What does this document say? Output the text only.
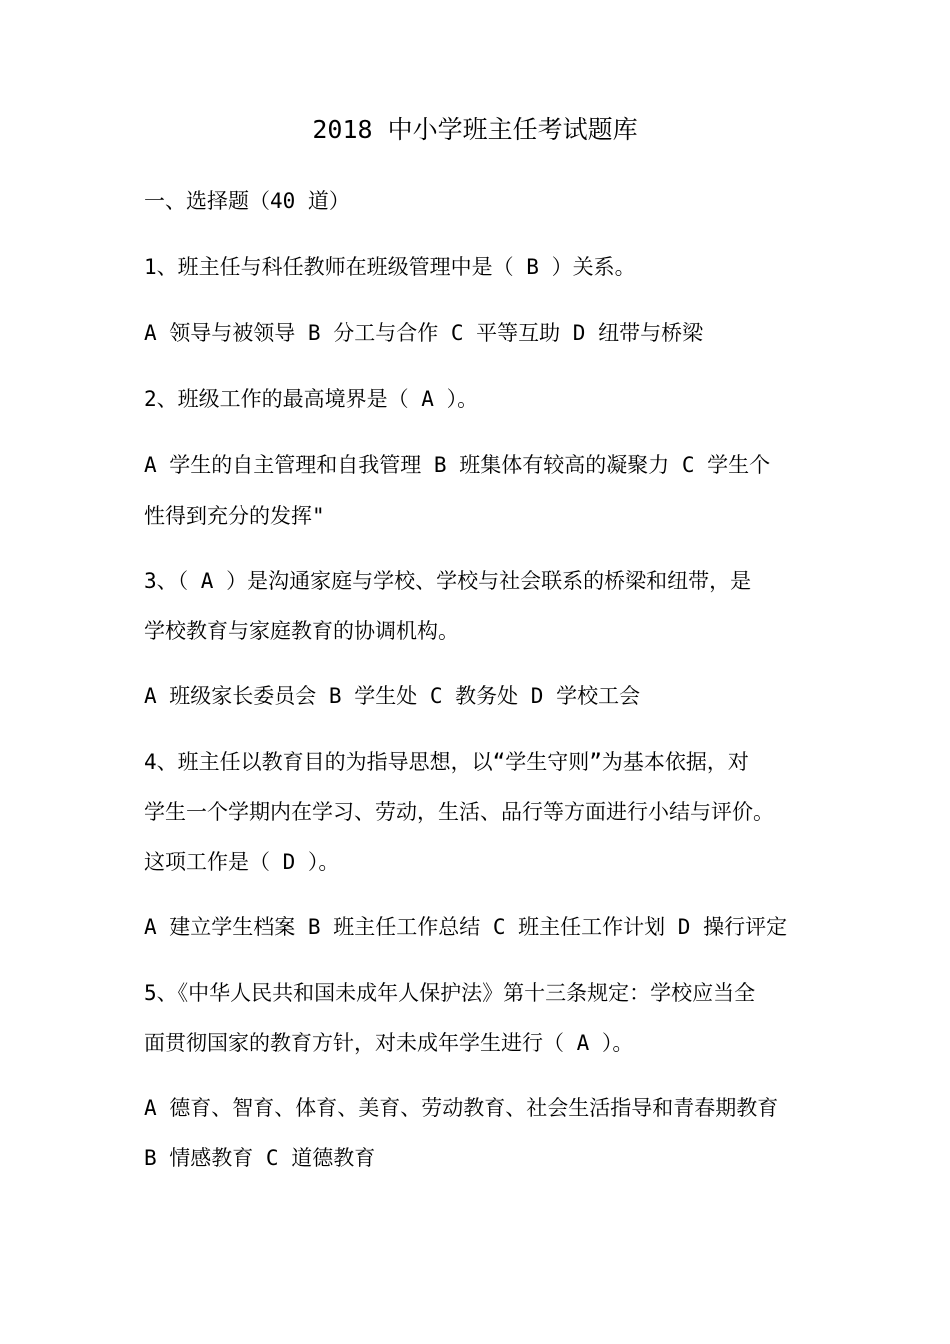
2018 中小学班主任考试题库
一、选择题（40 道）
1、班主任与科任教师在班级管理中是（ B ）关系。
A 领导与被领导 B 分工与合作 C 平等互助 D 纽带与桥梁
2、班级工作的最高境界是（ A ）。
A 学生的自主管理和自我管理 B 班集体有较高的凝聚力 C 学生个
性得到充分的发挥"
3、（ A ）是沟通家庭与学校、学校与社会联系的桥梁和纽带，是
学校教育与家庭教育的协调机构。
A 班级家长委员会 B 学生处 C 教务处 D 学校工会
4、班主任以教育目的为指导思想，以“学生守则”为基本依据，对
学生一个学期内在学习、劳动，生活、品行等方面进行小结与评价。
这项工作是（ D ）。
A 建立学生档案 B 班主任工作总结 C 班主任工作计划 D 操行评定
5、《中华人民共和国未成年人保护法》第十三条规定：学校应当全
面贯彻国家的教育方针，对未成年学生进行（ A ）。
A 德育、智育、体育、美育、劳动教育、社会生活指导和青春期教育
B 情感教育 C 道德教育
